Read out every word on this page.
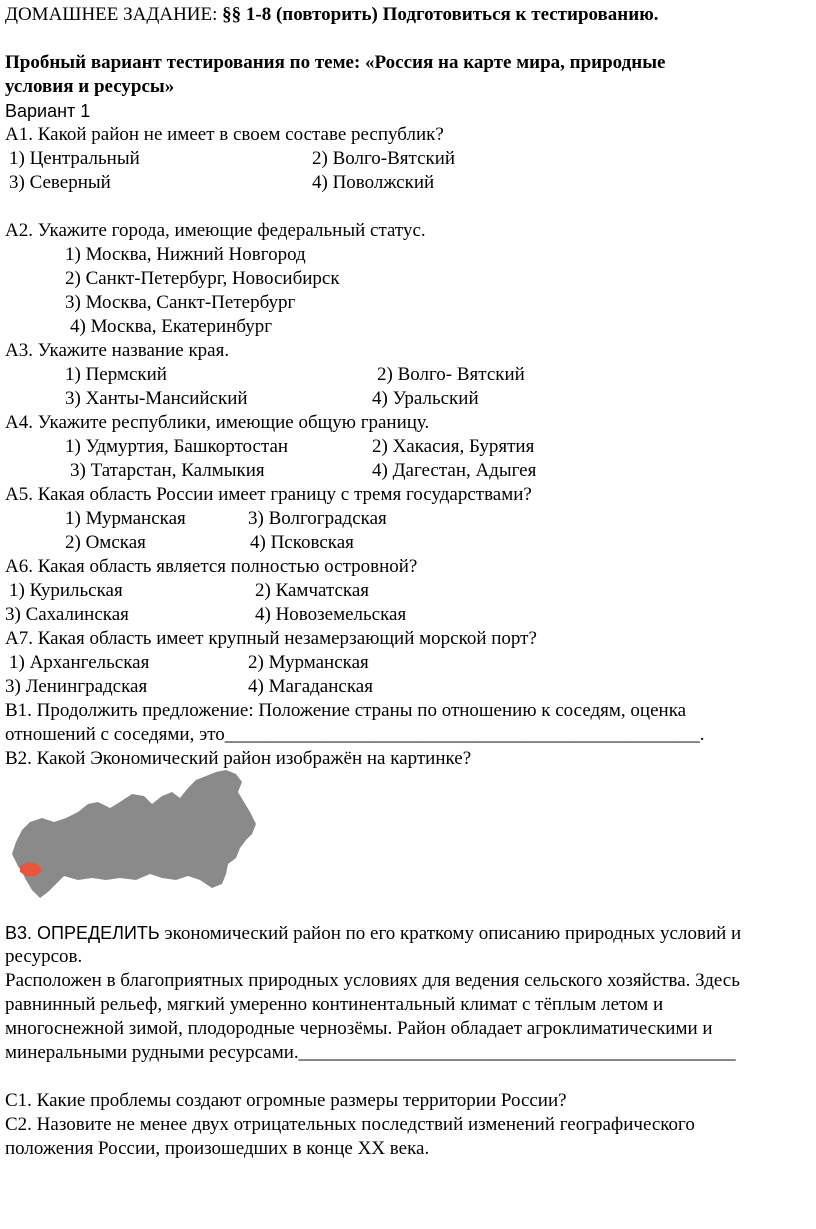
ДОМАШНЕЕ ЗАДАНИЕ: §§ 1-8 (повторить) Подготовиться к тестированию.
Пробный вариант тестирования по теме: «Россия на карте мира, природные
условия и ресурсы»
Вариант 1
А1. Какой район не имеет в своем составе республик?
1) Центральный	2) Волго-Вятский
3) Северный	4) Поволжский
А2. Укажите города, имеющие федеральный статус.
1) Москва, Нижний Новгород
2) Санкт-Петербург, Новосибирск
3) Москва, Санкт-Петербург
4) Москва, Екатеринбург
А3. Укажите название края.
1) Пермский	2) Волго- Вятский
3) Ханты-Мансийский	4) Уральский
А4. Укажите республики, имеющие общую границу.
1) Удмуртия, Башкортостан	2) Хакасия, Бурятия
3) Татарстан, Калмыкия	4) Дагестан, Адыгея
А5. Какая область России имеет границу с тремя государствами?
1) Мурманская	3) Волгоградская
2) Омская	4) Псковская
А6. Какая область является полностью островной?
1) Курильская	2) Камчатская
3) Сахалинская	4) Новоземельская
А7. Какая область имеет крупный незамерзающий морской порт?
1) Архангельская	2) Мурманская
3) Ленинградская	4) Магаданская
В1. Продолжить предложение: Положение страны по отношению к соседям, оценка
отношений с соседями, это__________________________________________________.
В2. Какой Экономический район изображён на картинке?
В3. ОПРЕДЕЛИТЬ экономический район по его краткому описанию природных условий и
ресурсов.
Расположен в благоприятных природных условиях для ведения сельского хозяйства. Здесь
равнинный рельеф, мягкий умеренно континентальный климат с тёплым летом и
многоснежной зимой, плодородные чернозёмы. Район обладает агроклиматическими и
минеральными рудными ресурсами.______________________________________________
С1. Какие проблемы создают огромные размеры территории России?
С2. Назовите не менее двух отрицательных последствий изменений географического
положения России, произошедших в конце XX века.
